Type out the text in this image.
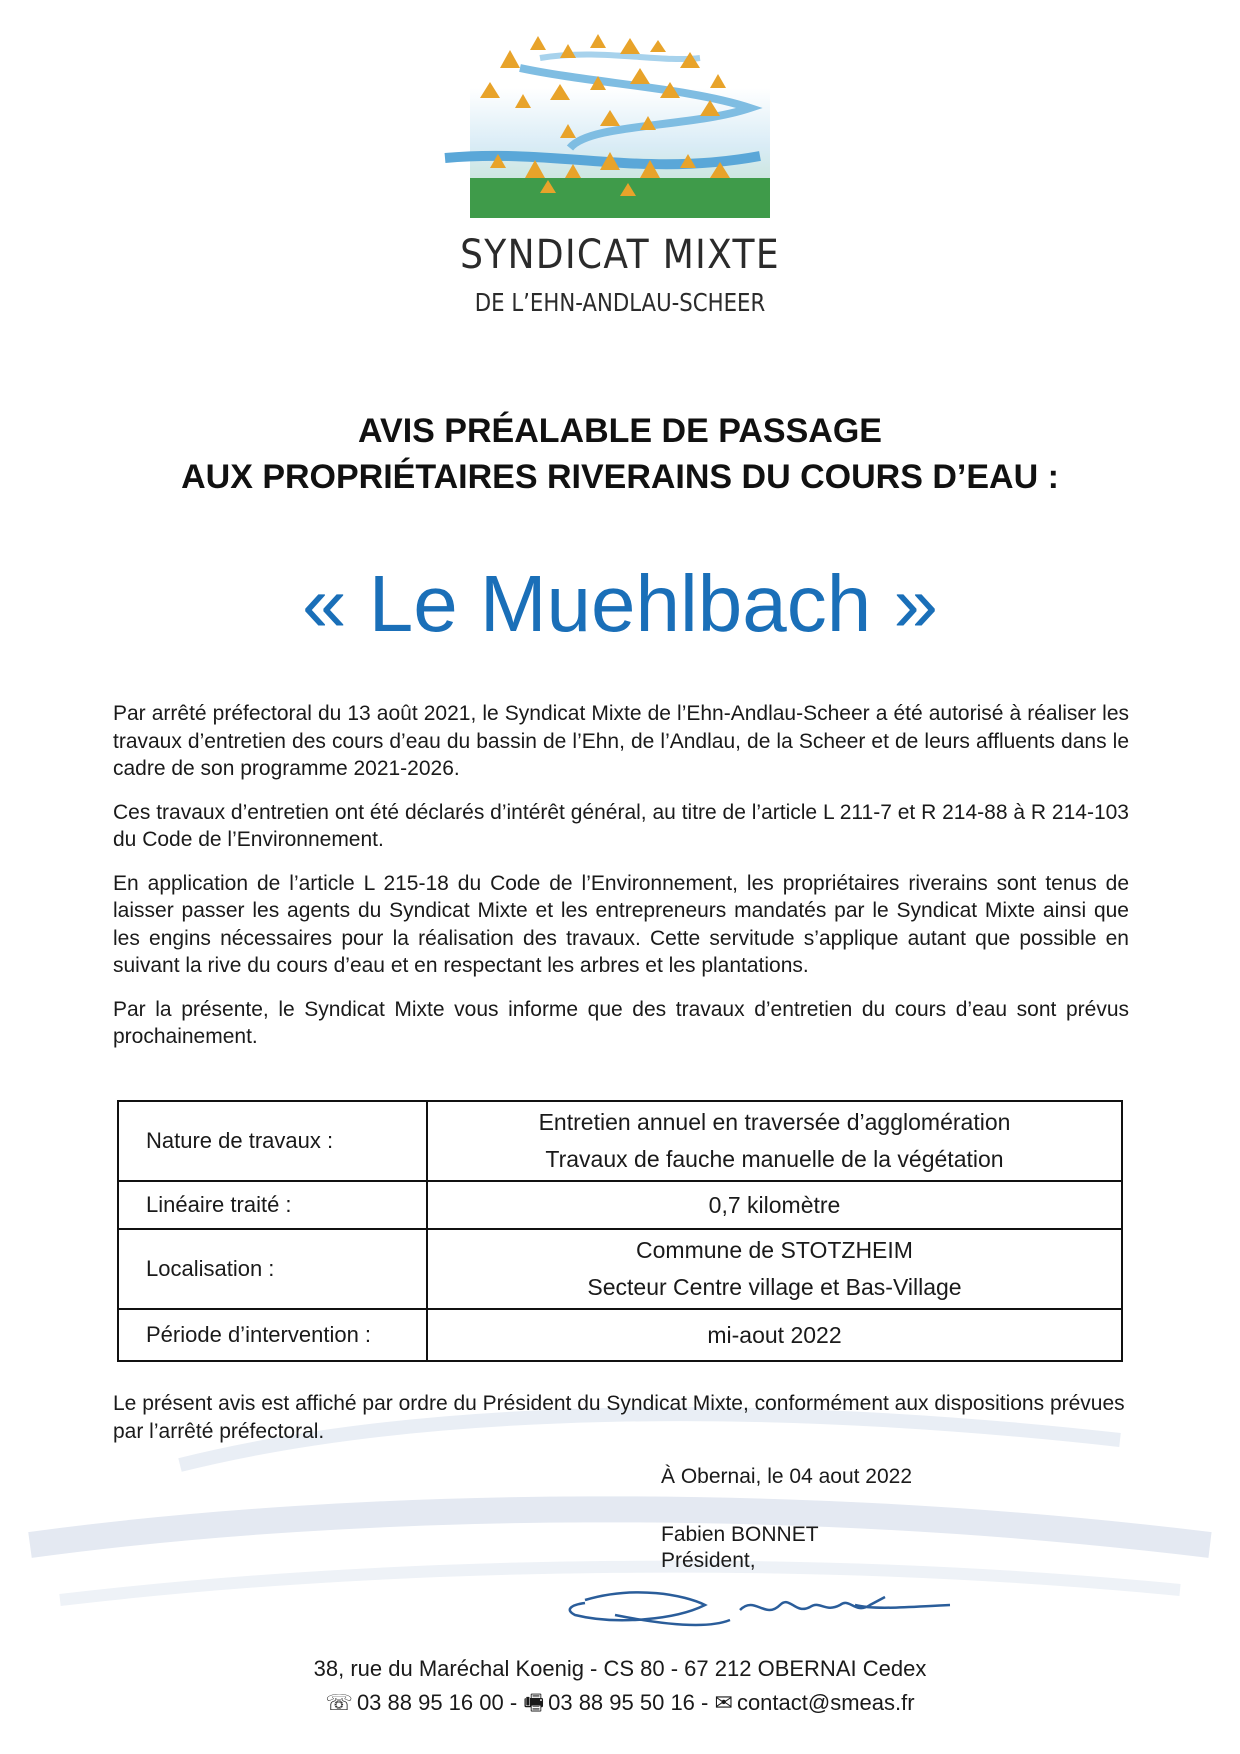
SYNDICAT MIXTE
DE L’EHN-ANDLAU-SCHEER
AVIS PRÉALABLE DE PASSAGE
AUX PROPRIÉTAIRES RIVERAINS DU COURS D’EAU :
« Le Muehlbach »

Par arrêté préfectoral du 13 août 2021, le Syndicat Mixte de l’Ehn-Andlau-Scheer a été autorisé à réaliser les travaux d’entretien des cours d’eau du bassin de l’Ehn, de l’Andlau, de la Scheer et de leurs affluents dans le cadre de son programme 2021-2026.

Ces travaux d’entretien ont été déclarés d’intérêt général, au titre de l’article L 211-7 et R 214-88 à R 214-103 du Code de l’Environnement.

En application de l’article L 215-18 du Code de l’Environnement, les propriétaires riverains sont tenus de laisser passer les agents du Syndicat Mixte et les entrepreneurs mandatés par le Syndicat Mixte ainsi que les engins nécessaires pour la réalisation des travaux. Cette servitude s’applique autant que possible en suivant la rive du cours d’eau et en respectant les arbres et les plantations.

Par la présente, le Syndicat Mixte vous informe que des travaux d’entretien du cours d’eau sont prévus prochainement.

Nature de travaux :	Entretien annuel en traversée d’agglomération
Travaux de fauche manuelle de la végétation

Linéaire traité :	0,7 kilomètre

Localisation :	Commune de STOTZHEIM
Secteur Centre village et Bas-Village

Période d’intervention :	mi-aout 2022
Le présent avis est affiché par ordre du Président du Syndicat Mixte, conformément aux dispositions prévues par l’arrêté préfectoral.
À Obernai, le 04 aout 2022
Fabien BONNET
Président,
38, rue du Maréchal Koenig - CS 80 - 67 212 OBERNAI Cedex
☏ 03 88 95 16 00 - 🖷 03 88 95 50 16 - ✉ contact@smeas.fr
